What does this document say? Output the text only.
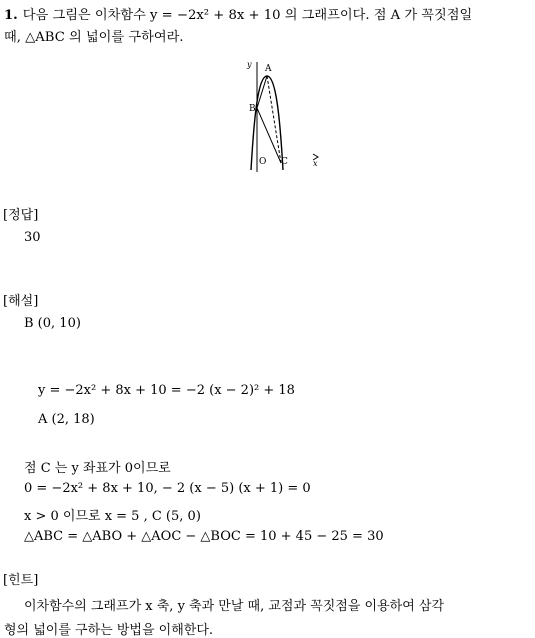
1. 다음 그림은 이차함수 y = −2x² + 8x + 10 의 그래프이다. 점 A 가 꼭짓점일
때, △ABC 의 넓이를 구하여라.
y A
B
O C	x
[정답]
30
[해설]
B (0, 10)
y = −2x² + 8x + 10 = −2 (x − 2)² + 18
A (2, 18)
점 C 는 y 좌표가 0이므로
0 = −2x² + 8x + 10, − 2 (x − 5) (x + 1) = 0
x > 0 이므로 x = 5 , C (5, 0)
△ABC = △ABO + △AOC − △BOC = 10 + 45 − 25 = 30
[힌트]
이차함수의 그래프가 x 축, y 축과 만날 때, 교점과 꼭짓점을 이용하여 삼각
형의 넓이를 구하는 방법을 이해한다.
